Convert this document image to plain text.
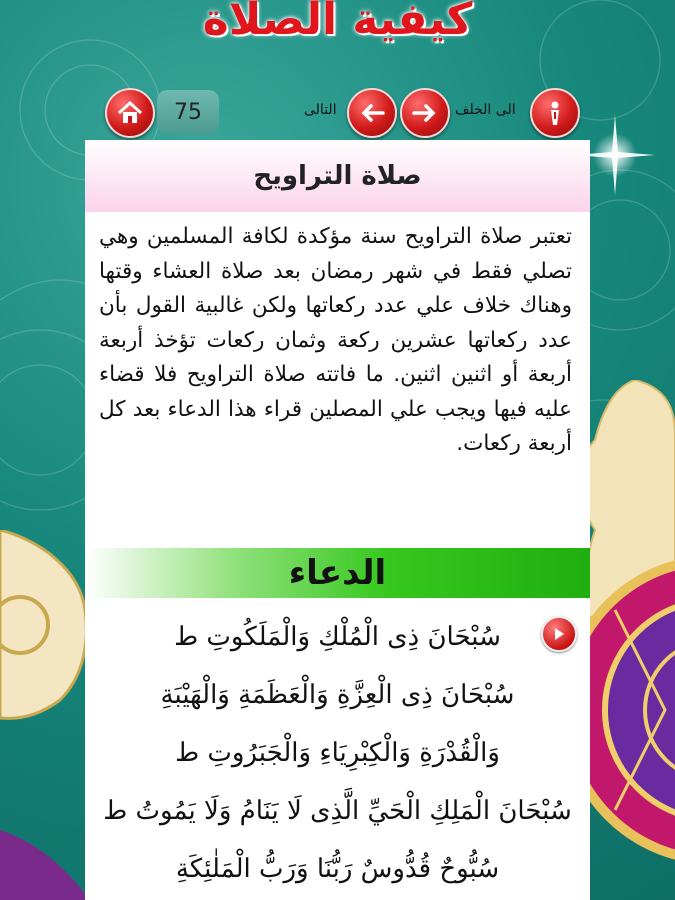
كيفية الصلاة
75	التالى	الى الخلف
صلاة التراويح
تعتبر صلاة التراويح سنة مؤكدة لكافة المسلمين وهي تصلي فقط في شهر رمضان بعد صلاة العشاء وقتها وهناك خلاف علي عدد ركعاتها ولكن غالبية القول بأن عدد ركعاتها عشرين ركعة وثمان ركعات تؤخذ أربعة أربعة أو اثنين اثنين. ما فاتته صلاة التراويح فلا قضاء عليه فيها ويجب علي المصلين قراء هذا الدعاء بعد كل أربعة ركعات.
الدعاء
سُبْحَانَ ذِى الْمُلْكِ وَالْمَلَكُوتِ ط
سُبْحَانَ ذِى الْعِزَّةِ وَالْعَظَمَةِ وَالْهَيْبَةِ
وَالْقُدْرَةِ وَالْكِبْرِيَاءِ وَالْجَبَرُوتِ ط
سُبْحَانَ الْمَلِكِ الْحَيِّ الَّذِى لَا يَنَامُ وَلَا يَمُوتُ ط
سُبُّوحٌ قُدُّوسٌ رَبُّنَا وَرَبُّ الْمَلٰئِكَةِ
